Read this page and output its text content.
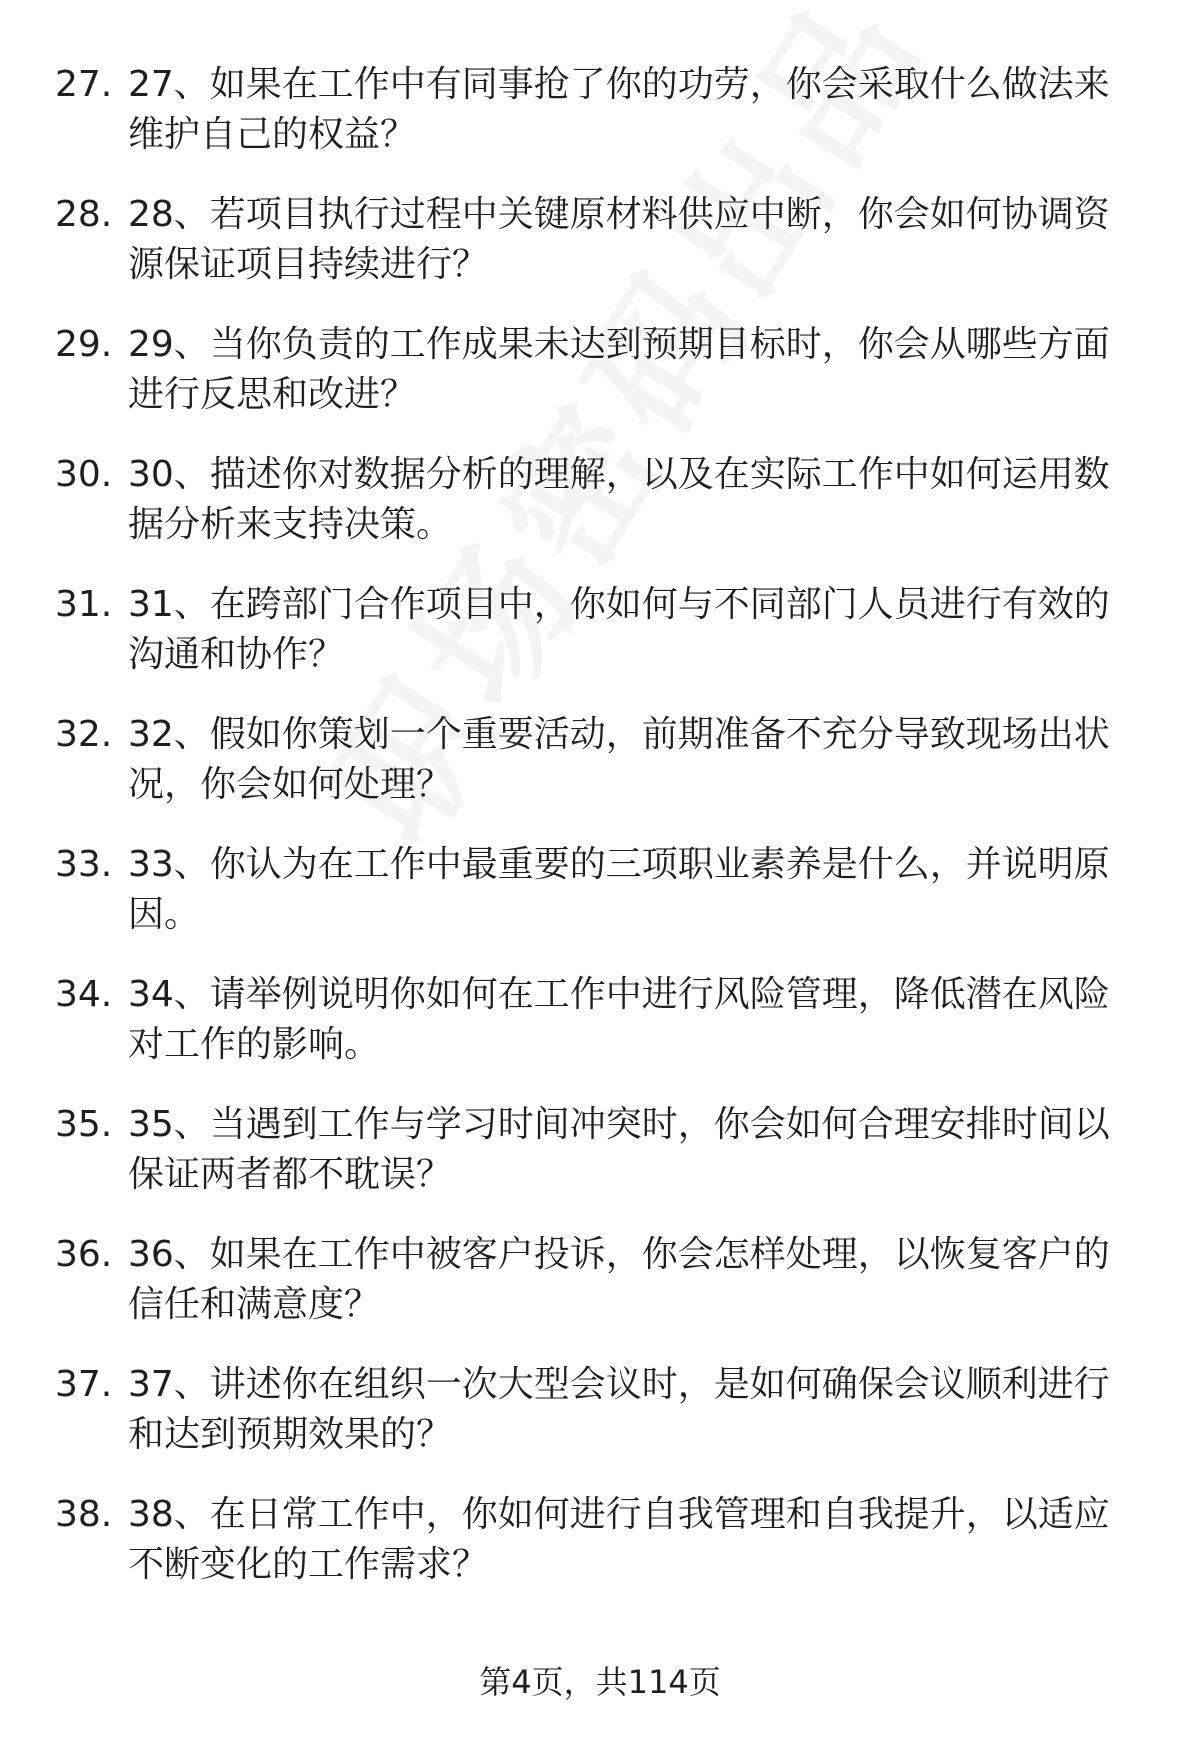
27. 27、如果在工作中有同事抢了你的功劳，你会采取什么做法来维护自己的权益？
28. 28、若项目执行过程中关键原材料供应中断，你会如何协调资源保证项目持续进行？
29. 29、当你负责的工作成果未达到预期目标时，你会从哪些方面进行反思和改进？
30. 30、描述你对数据分析的理解，以及在实际工作中如何运用数据分析来支持决策。
31. 31、在跨部门合作项目中，你如何与不同部门人员进行有效的沟通和协作？
32. 32、假如你策划一个重要活动，前期准备不充分导致现场出状况，你会如何处理？
33. 33、你认为在工作中最重要的三项职业素养是什么，并说明原因。
34. 34、请举例说明你如何在工作中进行风险管理，降低潜在风险对工作的影响。
35. 35、当遇到工作与学习时间冲突时，你会如何合理安排时间以保证两者都不耽误？
36. 36、如果在工作中被客户投诉，你会怎样处理，以恢复客户的信任和满意度？
37. 37、讲述你在组织一次大型会议时，是如何确保会议顺利进行和达到预期效果的？
38. 38、在日常工作中，你如何进行自我管理和自我提升，以适应不断变化的工作需求？
第4页，共114页
